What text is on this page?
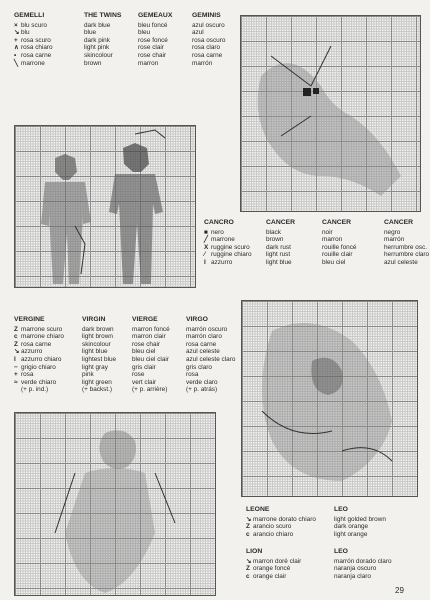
GEMELLI	THE TWINS	GEMEAUX	GEMINIS
× blu scuro	dark blue	bleu foncé	azul oscuro
↘ blu	blue	bleu	azul
+ rosa scuro	dark pink	rose foncé	rosa oscuro
∧ rosa chiaro	light pink	rose clair	rosa claro
• rosa carne	skincolour	rose chair	rosa carne
╲ marrone	brown	marron	marrón
CANCRO	CANCER	CANCER	CANCER
■ nero	black	noir	negro
╱ marrone	brown	marron	marrón
X ruggine scuro	dark rust	rouille foncé	herrumbre osc.
⁄ ruggine chiaro	light rust	rouille clair	herrumbre claro
I azzurro	light blue	bleu ciel	azul celeste
VERGINE	VIRGIN	VIERGE	VIRGO
Z marrone scuro	dark brown	marron foncé	marrón oscuro
c marrone chiaro	light brown	marron clair	marrón claro
Z rosa carne	skincolour	rose chair	rosa carne
↘ azzurro	light blue	bleu ciel	azul celeste
I azzurro chiaro	lightest blue	bleu ciel clair	azul celeste claro
− grigio chiaro	light gray	gris clair	gris claro
+ rosa	pink	rose	rosa
≈ verde chiaro	light green	vert clair	verde claro
(+ p. ind.)	(+ backst.)	(+ p. arrière)	(+ p. atrás)
LEONE	LEO
↘ marrone dorato chiaro	light golded brown
Z arancio scuro	dark orange
c arancio chiaro	light orange
LION	LEO
↘ marron doré clair	marrón dorado claro
Z orange foncé	naranja oscuro
c orange clair	naranja claro
29
